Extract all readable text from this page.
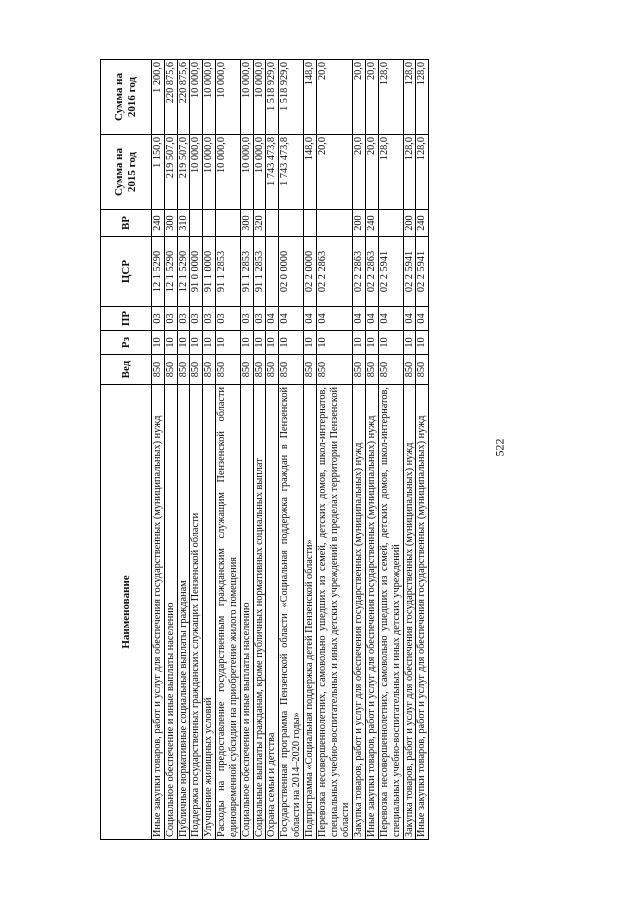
522
Наименование	Вед	Рз	ПР	ЦСР	ВР	Сумма на 2015 год	Сумма на 2016 год
Иные закупки товаров, работ и услуг для обеспечения государственных (муниципальных) нужд	850	10	03	12 1 5290	240	1 150,0	1 200,0
Социальное обеспечение и иные выплаты населению	850	10	03	12 1 5290	300	219 507,0	220 875,6
Публичные нормативные социальные выплаты гражданам	850	10	03	12 1 5290	310	219 507,0	220 875,6
Поддержка государственных гражданских служащих Пензенской области	850	10	03	91 0 0000		10 000,0	10 000,0
Улучшение жилищных условий	850	10	03	91 1 0000		10 000,0	10 000,0
Расходы на предоставление государственным гражданским служащим Пензенской области единовременной субсидии на приобретение жилого помещения	850	10	03	91 1 2853		10 000,0	10 000,0
Социальное обеспечение и иные выплаты населению	850	10	03	91 1 2853	300	10 000,0	10 000,0
Социальные выплаты гражданам, кроме публичных нормативных социальных выплат	850	10	03	91 1 2853	320	10 000,0	10 000,0
Охрана семьи и детства	850	10	04			1 743 473,8	1 518 929,0
Государственная программа Пензенской области «Социальная поддержка граждан в Пензенской области на 2014–2020 годы»	850	10	04	02 0 0000		1 743 473,8	1 518 929,0
Подпрограмма «Социальная поддержка детей Пензенской области»	850	10	04	02 2 0000		148,0	148,0
Перевозка несовершеннолетних, самовольно ушедших из семей, детских домов, школ-интернатов, специальных учебно-воспитательных и иных детских учреждений в пределах территории Пензенской области	850	10	04	02 2 2863		20,0	20,0
Закупка товаров, работ и услуг для обеспечения государственных (муниципальных) нужд	850	10	04	02 2 2863	200	20,0	20,0
Иные закупки товаров, работ и услуг для обеспечения государственных (муниципальных) нужд	850	10	04	02 2 2863	240	20,0	20,0
Перевозка несовершеннолетних, самовольно ушедших из семей, детских домов, школ-интернатов, специальных учебно-воспитательных и иных детских учреждений	850	10	04	02 2 5941		128,0	128,0
Закупка товаров, работ и услуг для обеспечения государственных (муниципальных) нужд	850	10	04	02 2 5941	200	128,0	128,0
Иные закупки товаров, работ и услуг для обеспечения государственных (муниципальных) нужд	850	10	04	02 2 5941	240	128,0	128,0
